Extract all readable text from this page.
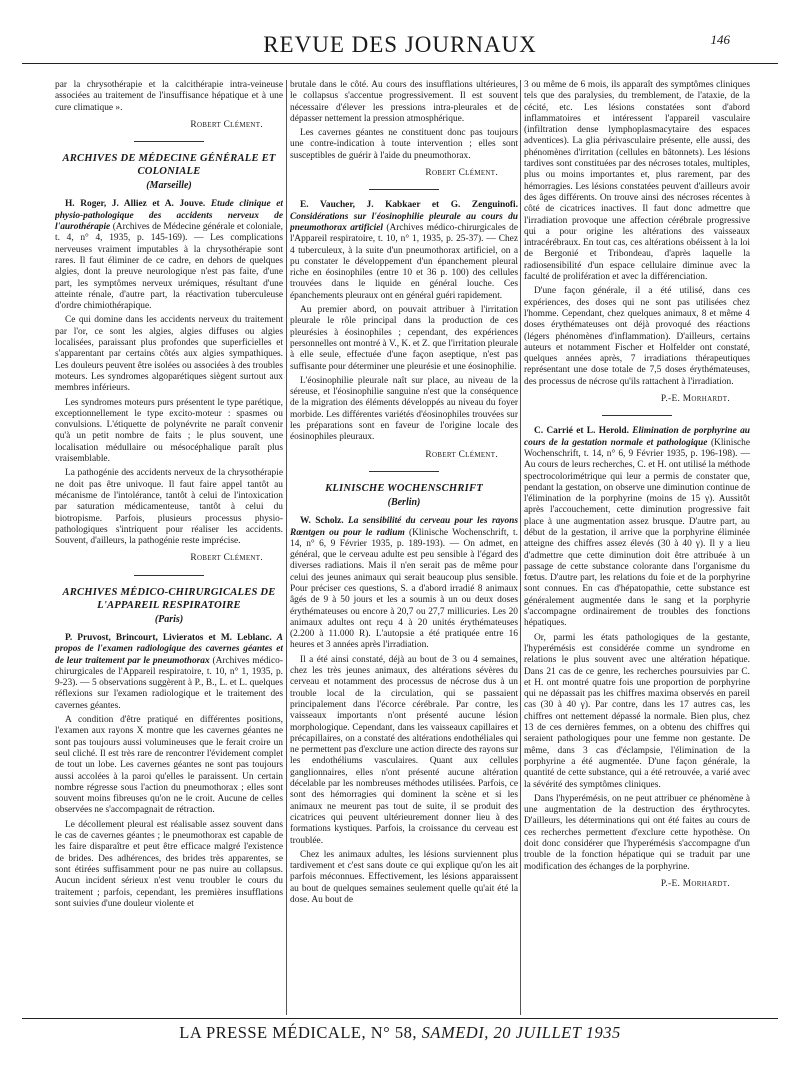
REVUE DES JOURNAUX	146

par la chrysothérapie et la calcithérapie intra-veineuse associées au traitement de l'insuffisance hépatique et à une cure climatique ».

Robert Clément.
ARCHIVES DE MÉDECINE GÉNÉRALE ET COLONIALE
(Marseille)

H. Roger, J. Alliez et A. Jouve. Etude clinique et physio-pathologique des accidents nerveux de l'aurothérapie (Archives de Médecine générale et coloniale, t. 4, n° 4, 1935, p. 145-169). — Les complications nerveuses vraiment imputables à la chrysothérapie sont rares. Il faut éliminer de ce cadre, en dehors de quelques algies, dont la preuve neurologique n'est pas faite, d'une part, les symptômes nerveux urémiques, résultant d'une atteinte rénale, d'autre part, la réactivation tuberculeuse d'ordre chimiothérapique.

Ce qui domine dans les accidents nerveux du traitement par l'or, ce sont les algies, algies diffuses ou algies localisées, paraissant plus profondes que superficielles et s'apparentant par certains côtés aux algies sympathiques. Les douleurs peuvent être isolées ou associées à des troubles moteurs. Les syndromes algoparétiques siègent surtout aux membres inférieurs.

Les syndromes moteurs purs présentent le type parétique, exceptionnellement le type excito-moteur : spasmes ou convulsions. L'étiquette de polynévrite ne paraît convenir qu'à un petit nombre de faits ; le plus souvent, une localisation médullaire ou mésocéphalique paraît plus vraisemblable.

La pathogénie des accidents nerveux de la chrysothérapie ne doit pas être univoque. Il faut faire appel tantôt au mécanisme de l'intolérance, tantôt à celui de l'intoxication par saturation médicamenteuse, tantôt à celui du biotropisme. Parfois, plusieurs processus physio-pathologiques s'intriquent pour réaliser les accidents. Souvent, d'ailleurs, la pathogénie reste imprécise.

Robert Clément.
ARCHIVES MÉDICO-CHIRURGICALES DE L'APPAREIL RESPIRATOIRE
(Paris)

P. Pruvost, Brincourt, Livieratos et M. Leblanc. A propos de l'examen radiologique des cavernes géantes et de leur traitement par le pneumothorax (Archives médico-chirurgicales de l'Appareil respiratoire, t. 10, n° 1, 1935, p. 9-23). — 5 observations suggèrent à P., B., L. et L. quelques réflexions sur l'examen radiologique et le traitement des cavernes géantes.

A condition d'être pratiqué en différentes positions, l'examen aux rayons X montre que les cavernes géantes ne sont pas toujours aussi volumineuses que le ferait croire un seul cliché. Il est très rare de rencontrer l'évidement complet de tout un lobe. Les cavernes géantes ne sont pas toujours aussi accolées à la paroi qu'elles le paraissent. Un certain nombre régresse sous l'action du pneumothorax ; elles sont souvent moins fibreuses qu'on ne le croit. Aucune de celles observées ne s'accompagnait de rétraction.

Le décollement pleural est réalisable assez souvent dans le cas de cavernes géantes ; le pneumothorax est capable de les faire disparaître et peut être efficace malgré l'existence de brides. Des adhérences, des brides très apparentes, se sont étirées suffisamment pour ne pas nuire au collapsus. Aucun incident sérieux n'est venu troubler le cours du traitement ; parfois, cependant, les premières insufflations sont suivies d'une douleur violente et

brutale dans le côté. Au cours des insufflations ultérieures, le collapsus s'accentue progressivement. Il est souvent nécessaire d'élever les pressions intra-pleurales et de dépasser nettement la pression atmosphérique.

Les cavernes géantes ne constituent donc pas toujours une contre-indication à toute intervention ; elles sont susceptibles de guérir à l'aide du pneumothorax.

Robert Clément.

E. Vaucher, J. Kabkaer et G. Zenguinofi. Considérations sur l'éosinophilie pleurale au cours du pneumothorax artificiel (Archives médico-chirurgicales de l'Appareil respiratoire, t. 10, n° 1, 1935, p. 25-37). — Chez 4 tuberculeux, à la suite d'un pneumothorax artificiel, on a pu constater le développement d'un épanchement pleural riche en éosinophiles (entre 10 et 36 p. 100) des cellules trouvées dans le liquide en général louche. Ces épanchements pleuraux ont en général guéri rapidement.

Au premier abord, on pouvait attribuer à l'irritation pleurale le rôle principal dans la production de ces pleurésies à éosinophiles ; cependant, des expériences personnelles ont montré à V., K. et Z. que l'irritation pleurale à elle seule, effectuée d'une façon aseptique, n'est pas suffisante pour déterminer une pleurésie et une éosinophilie.

L'éosinophilie pleurale naît sur place, au niveau de la séreuse, et l'éosinophilie sanguine n'est que la conséquence de la migration des éléments développés au niveau du foyer morbide. Les différentes variétés d'éosinophiles trouvées sur les préparations sont en faveur de l'origine locale des éosinophiles pleuraux.

Robert Clément.
KLINISCHE WOCHENSCHRIFT
(Berlin)

W. Scholz. La sensibilité du cerveau pour les rayons Rœntgen ou pour le radium (Klinische Wochenschrift, t. 14, n° 6, 9 Février 1935, p. 189-193). — On admet, en général, que le cerveau adulte est peu sensible à l'égard des diverses radiations. Mais il n'en serait pas de même pour celui des jeunes animaux qui serait beaucoup plus sensible. Pour préciser ces questions, S. a d'abord irradié 8 animaux âgés de 9 à 50 jours et les a soumis à un ou deux doses érythémateuses ou encore à 20,7 ou 27,7 millicuries. Les 20 animaux adultes ont reçu 4 à 20 unités érythémateuses (2.200 à 11.000 R). L'autopsie a été pratiquée entre 16 heures et 3 années après l'irradiation.

Il a été ainsi constaté, déjà au bout de 3 ou 4 semaines, chez les très jeunes animaux, des altérations sévères du cerveau et notamment des processus de nécrose dus à un trouble local de la circulation, qui se passaient principalement dans l'écorce cérébrale. Par contre, les vaisseaux importants n'ont présenté aucune lésion morphologique. Cependant, dans les vaisseaux capillaires et précapillaires, on a constaté des altérations endothéliales qui ne permettent pas d'exclure une action directe des rayons sur les endothéliums vasculaires. Quant aux cellules ganglionnaires, elles n'ont présenté aucune altération décelable par les nombreuses méthodes utilisées. Parfois, ce sont des hémorragies qui dominent la scène et si les animaux ne meurent pas tout de suite, il se produit des cicatrices qui peuvent ultérieurement donner lieu à des formations kystiques. Parfois, la croissance du cerveau est troublée.

Chez les animaux adultes, les lésions surviennent plus tardivement et c'est sans doute ce qui explique qu'on les ait parfois méconnues. Effectivement, les lésions apparaissent au bout de quelques semaines seulement quelle qu'ait été la dose. Au bout de

3 ou même de 6 mois, ils apparaît des symptômes cliniques tels que des paralysies, du tremblement, de l'ataxie, de la cécité, etc. Les lésions constatées sont d'abord inflammatoires et intéressent l'appareil vasculaire (infiltration dense lymphoplasmacytaire des espaces adventices). La glia périvasculaire présente, elle aussi, des phénomènes d'irritation (cellules en bâtonnets). Les lésions tardives sont constituées par des nécroses totales, multiples, plus ou moins importantes et, plus rarement, par des hémorragies. Les lésions constatées peuvent d'ailleurs avoir des âges différents. On trouve ainsi des nécroses récentes à côté de cicatrices inactives. Il faut donc admettre que l'irradiation provoque une affection cérébrale progressive qui a pour origine les altérations des vaisseaux intracérébraux. En tout cas, ces altérations obéissent à la loi de Bergonié et Tribondeau, d'après laquelle la radiosensibilité d'un espace cellulaire diminue avec la faculté de prolifération et avec la différenciation.

D'une façon générale, il a été utilisé, dans ces expériences, des doses qui ne sont pas utilisées chez l'homme. Cependant, chez quelques animaux, 8 et même 4 doses érythémateuses ont déjà provoqué des réactions (légers phénomènes d'inflammation). D'ailleurs, certains auteurs et notamment Fischer et Holfelder ont constaté, quelques années après, 7 irradiations thérapeutiques représentant une dose totale de 7,5 doses érythémateuses, des processus de nécrose qu'ils rattachent à l'irradiation.

P.-E. Morhardt.

C. Carrié et L. Herold. Elimination de porphyrine au cours de la gestation normale et pathologique (Klinische Wochenschrift, t. 14, n° 6, 9 Février 1935, p. 196-198). — Au cours de leurs recherches, C. et H. ont utilisé la méthode spectrocolorimétrique qui leur a permis de constater que, pendant la gestation, on observe une diminution continue de l'élimination de la porphyrine (moins de 15 γ). Aussitôt après l'accouchement, cette diminution progressive fait place à une augmentation assez brusque. D'autre part, au début de la gestation, il arrive que la porphyrine éliminée atteigne des chiffres assez élevés (30 à 40 γ). Il y a lieu d'admettre que cette diminution doit être attribuée à un passage de cette substance colorante dans l'organisme du fœtus. D'autre part, les relations du foie et de la porphyrine sont connues. En cas d'hépatopathie, cette substance est généralement augmentée dans le sang et la porphyrie s'accompagne ordinairement de troubles des fonctions hépatiques.

Or, parmi les états pathologiques de la gestante, l'hyperémésis est considérée comme un syndrome en relations le plus souvent avec une altération hépatique. Dans 21 cas de ce genre, les recherches poursuivies par C. et H. ont montré quatre fois une proportion de porphyrine qui ne dépassait pas les chiffres maxima observés en pareil cas (30 à 40 γ). Par contre, dans les 17 autres cas, les chiffres ont nettement dépassé la normale. Bien plus, chez 13 de ces dernières femmes, on a obtenu des chiffres qui seraient pathologiques pour une femme non gestante. De même, dans 3 cas d'éclampsie, l'élimination de la porphyrine a été augmentée. D'une façon générale, la quantité de cette substance, qui a été retrouvée, a varié avec la sévérité des symptômes cliniques.

Dans l'hyperémésis, on ne peut attribuer ce phénomène à une augmentation de la destruction des érythrocytes. D'ailleurs, les déterminations qui ont été faites au cours de ces recherches permettent d'exclure cette hypothèse. On doit donc considérer que l'hyperémésis s'accompagne d'un trouble de la fonction hépatique qui se traduit par une modification des échanges de la porphyrine.

P.-E. Morhardt.
LA PRESSE MÉDICALE, N° 58, SAMEDI, 20 JUILLET 1935
